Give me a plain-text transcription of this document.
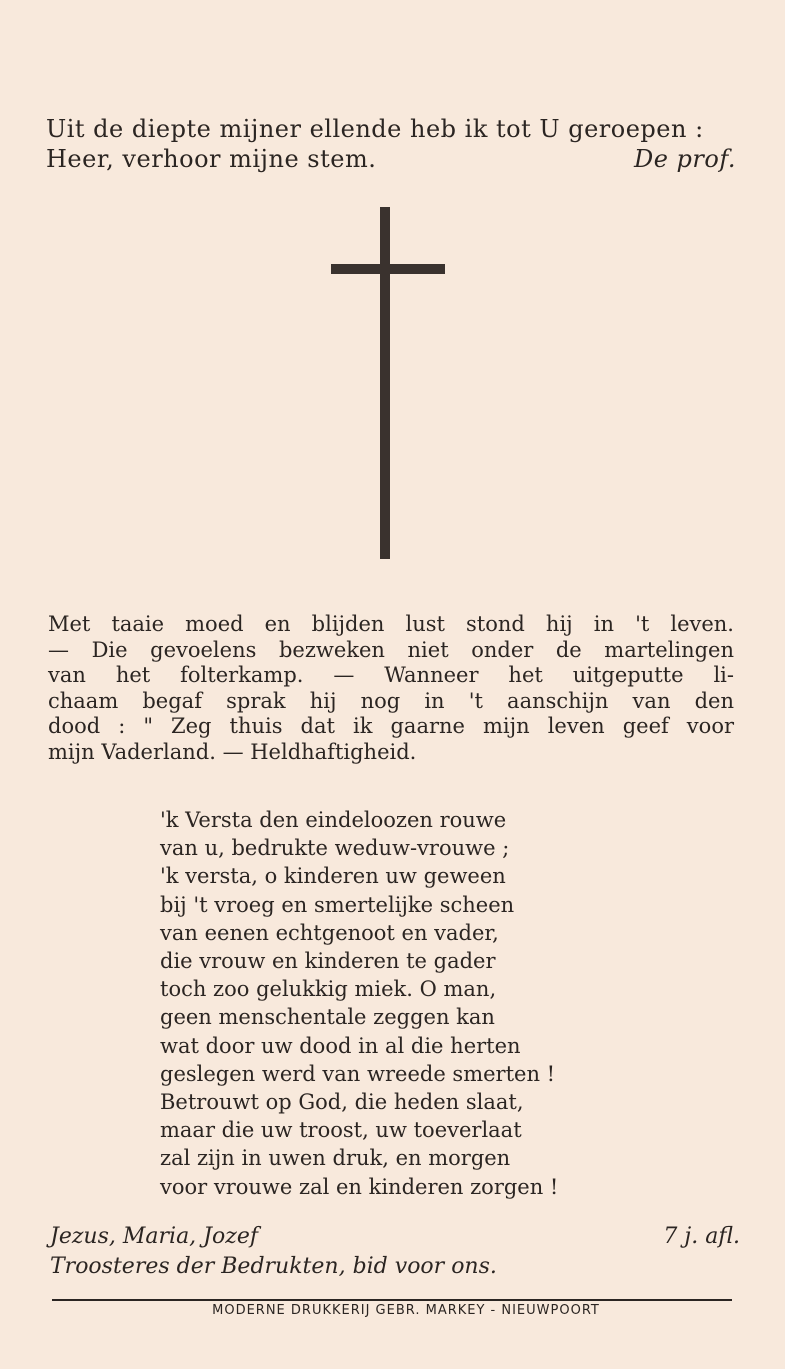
Uit de diepte mijner ellende heb ik tot U geroepen :
Heer, verhoor mijne stem.	De prof.
Met taaie moed en blijden lust stond hij in 't leven.
— Die gevoelens bezweken niet onder de martelingen
van het folterkamp. — Wanneer het uitgeputte li-
chaam begaf sprak hij nog in 't aanschijn van den
dood : " Zeg thuis dat ik gaarne mijn leven geef voor
mijn Vaderland. — Heldhaftigheid.
'k Versta den eindeloozen rouwe
van u, bedrukte weduw-vrouwe ;
'k versta, o kinderen uw geween
bij 't vroeg en smertelijke scheen
van eenen echtgenoot en vader,
die vrouw en kinderen te gader
toch zoo gelukkig miek. O man,
geen menschentale zeggen kan
wat door uw dood in al die herten
geslegen werd van wreede smerten !
Betrouwt op God, die heden slaat,
maar die uw troost, uw toeverlaat
zal zijn in uwen druk, en morgen
voor vrouwe zal en kinderen zorgen !
Jezus, Maria, Jozef	7 j. afl.
Troosteres der Bedrukten, bid voor ons.
MODERNE DRUKKERIJ GEBR. MARKEY - NIEUWPOORT
